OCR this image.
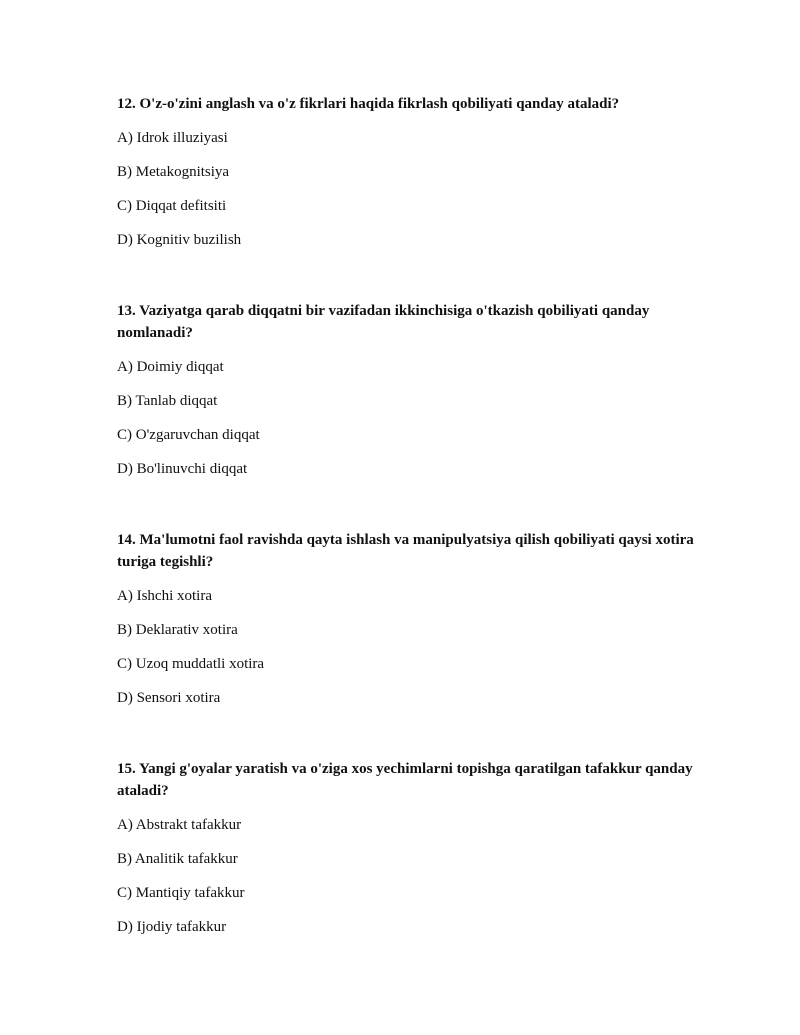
12. O'z-o'zini anglash va o'z fikrlari haqida fikrlash qobiliyati qanday ataladi?

A) Idrok illuziyasi
B) Metakognitsiya
C) Diqqat defitsiti
D) Kognitiv buzilish

13. Vaziyatga qarab diqqatni bir vazifadan ikkinchisiga o'tkazish qobiliyati qanday nomlanadi?

A) Doimiy diqqat
B) Tanlab diqqat
C) O'zgaruvchan diqqat
D) Bo'linuvchi diqqat

14. Ma'lumotni faol ravishda qayta ishlash va manipulyatsiya qilish qobiliyati qaysi xotira turiga tegishli?

A) Ishchi xotira
B) Deklarativ xotira
C) Uzoq muddatli xotira
D) Sensori xotira

15. Yangi g'oyalar yaratish va o'ziga xos yechimlarni topishga qaratilgan tafakkur qanday ataladi?

A) Abstrakt tafakkur
B) Analitik tafakkur
C) Mantiqiy tafakkur
D) Ijodiy tafakkur
